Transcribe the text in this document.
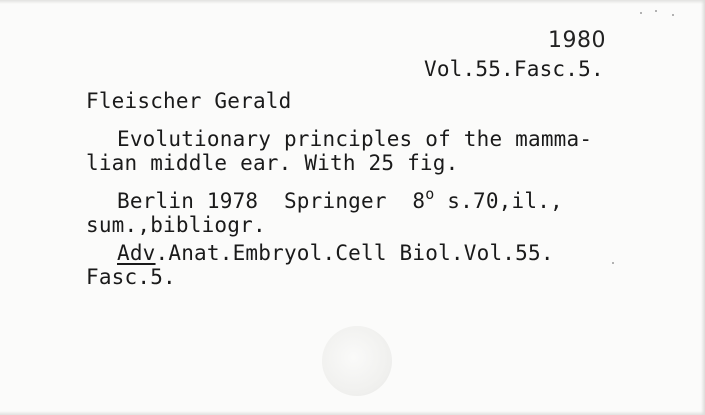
1980
Vol.55.Fasc.5.
Fleischer Gerald
Evolutionary principles of the mamma-
lian middle ear. With 25 fig.
Berlin 1978  Springer  8$^o$ s.70,il.,
sum.,bibliogr.
Adv.Anat.Embryol.Cell Biol.Vol.55.
Fasc.5.
